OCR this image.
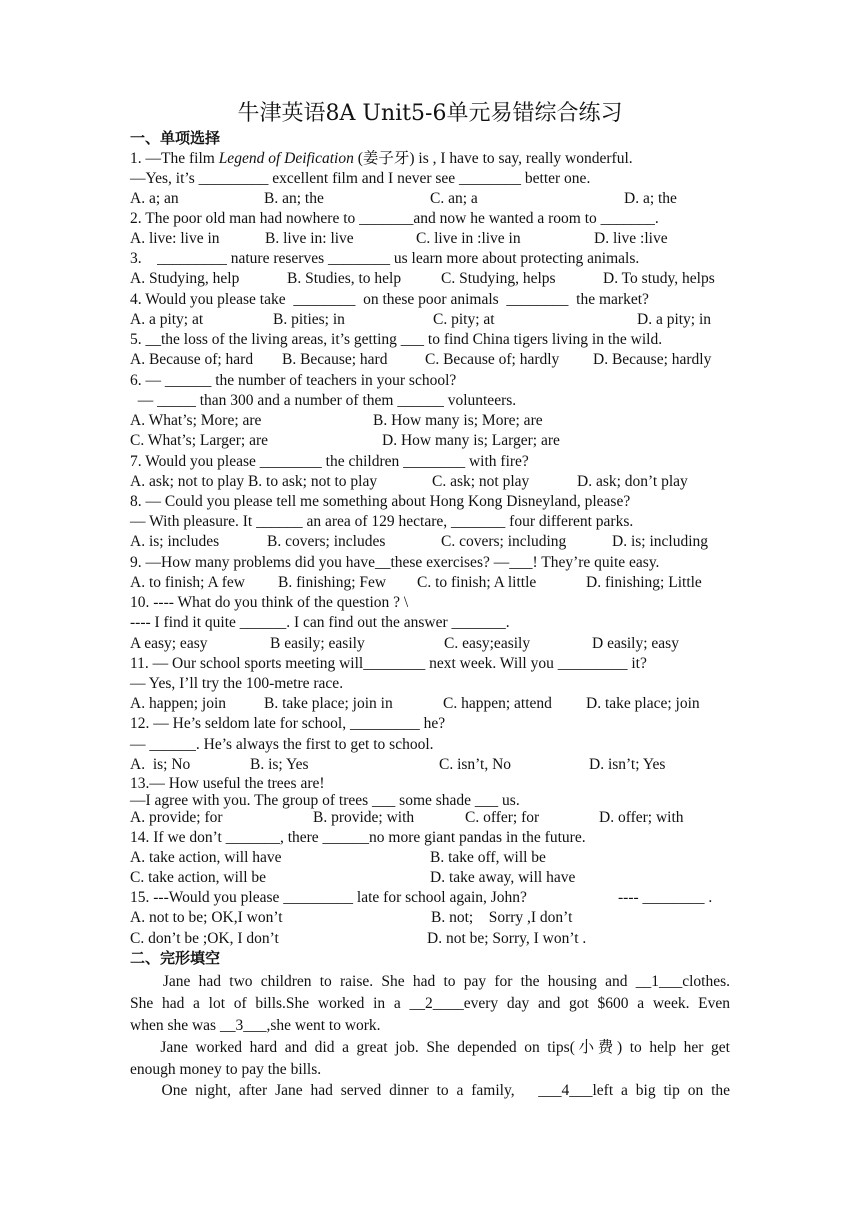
牛津英语8A Unit5-6单元易错综合练习
一、单项选择
1. —The film Legend of Deification (姜子牙) is , I have to say, really wonderful.
—Yes, it’s _________ excellent film and I never see ________ better one.
A. a; an	B. an; the	C. an; a	D. a; the
2. The poor old man had nowhere to _______and now he wanted a room to _______.
A. live: live in	B. live in: live	C. live in :live in	D. live :live
3.    _________ nature reserves ________ us learn more about protecting animals.
A. Studying, help	B. Studies, to help	C. Studying, helps	D. To study, helps
4. Would you please take  ________  on these poor animals  ________  the market?
A. a pity; at	B. pities; in	C. pity; at	D. a pity; in
5. __the loss of the living areas, it’s getting ___ to find China tigers living in the wild.
A. Because of; hard B. Because; hard C. Because of; hardly D. Because; hardly
6. — ______ the number of teachers in your school?
— _____ than 300 and a number of them ______ volunteers.
A. What’s; More; are	B. How many is; More; are
C. What’s; Larger; are	D. How many is; Larger; are
7. Would you please ________ the children ________ with fire?
A. ask; not to play B. to ask; not to play	C. ask; not play	D. ask; don’t play
8. — Could you please tell me something about Hong Kong Disneyland, please?
— With pleasure. It ______ an area of 129 hectare, _______ four different parks.
A. is; includes	B. covers; includes	C. covers; including	D. is; including
9. —How many problems did you have__these exercises? —___! They’re quite easy.
A. to finish; A few B. finishing; Few C. to finish; A little	D. finishing; Little
10. ---- What do you think of the question ? \
---- I find it quite ______. I can find out the answer _______.
A easy; easy	B easily; easily	C. easy;easily	D easily; easy
11. — Our school sports meeting will________ next week. Will you _________ it?
— Yes, I’ll try the 100-metre race.
A. happen; join B. take place; join in	C. happen; attend D. take place; join
12. — He’s seldom late for school, _________ he?
— ______. He’s always the first to get to school.
A.  is; No	B. is; Yes	C. isn’t, No	D. isn’t; Yes
13.— How useful the trees are!
—I agree with you. The group of trees ___ some shade ___ us.
A. provide; for	B. provide; with	C. offer; for	D. offer; with
14. If we don’t _______, there ______no more giant pandas in the future.
A. take action, will have	B. take off, will be
C. take action, will be	D. take away, will have
15. ---Would you please _________ late for school again, John?	---- ________ .
A. not to be; OK,I won’t	B. not;    Sorry ,I don’t
C. don’t be ;OK, I don’t	D. not be; Sorry, I won’t .
二、完形填空
Jane had two children to raise. She had to pay for the housing and __1___clothes.
She had a lot of bills.She worked in a __2____every day and got $600 a week. Even
when she was __3___,she went to work.
Jane worked hard and did a great job. She depended on tips(小费) to help her get
enough money to pay the bills.
One night, after Jane had served dinner to a family,   ___4___left a big tip on the
